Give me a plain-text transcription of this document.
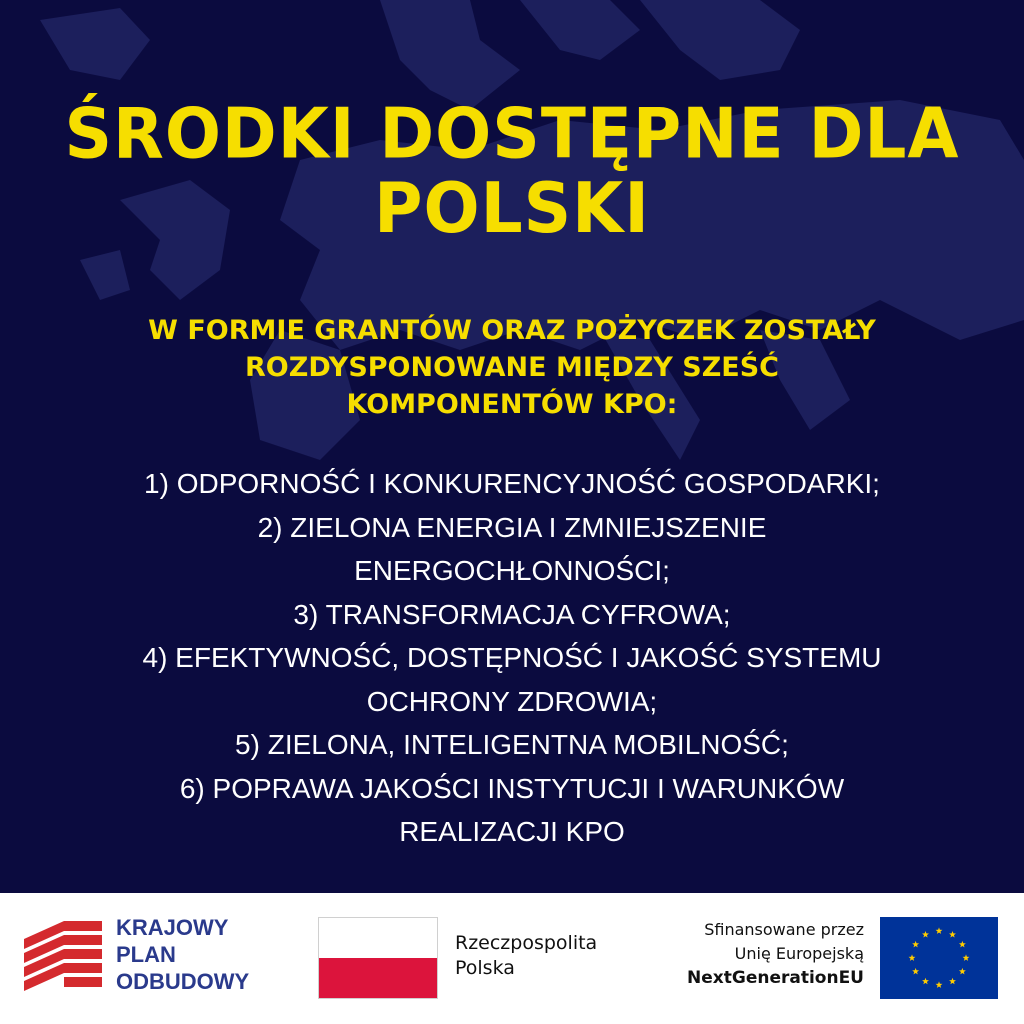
ŚRODKI DOSTĘPNE DLA POLSKI
W FORMIE GRANTÓW ORAZ POŻYCZEK ZOSTAŁY
ROZDYSPONOWANE MIĘDZY SZEŚĆ
KOMPONENTÓW KPO:
1) ODPORNOŚĆ I KONKURENCYJNOŚĆ GOSPODARKI;
2) ZIELONA ENERGIA I ZMNIEJSZENIE
ENERGOCHŁONNOŚCI;
3) TRANSFORMACJA CYFROWA;
4) EFEKTYWNOŚĆ, DOSTĘPNOŚĆ I JAKOŚĆ SYSTEMU
OCHRONY ZDROWIA;
5) ZIELONA, INTELIGENTNA MOBILNOŚĆ;
6) POPRAWA JAKOŚCI INSTYTUCJI I WARUNKÓW
REALIZACJI KPO
KRAJOWY
PLAN
ODBUDOWY
Rzeczpospolita
Polska
Sfinansowane przez
Unię Europejską
NextGenerationEU
